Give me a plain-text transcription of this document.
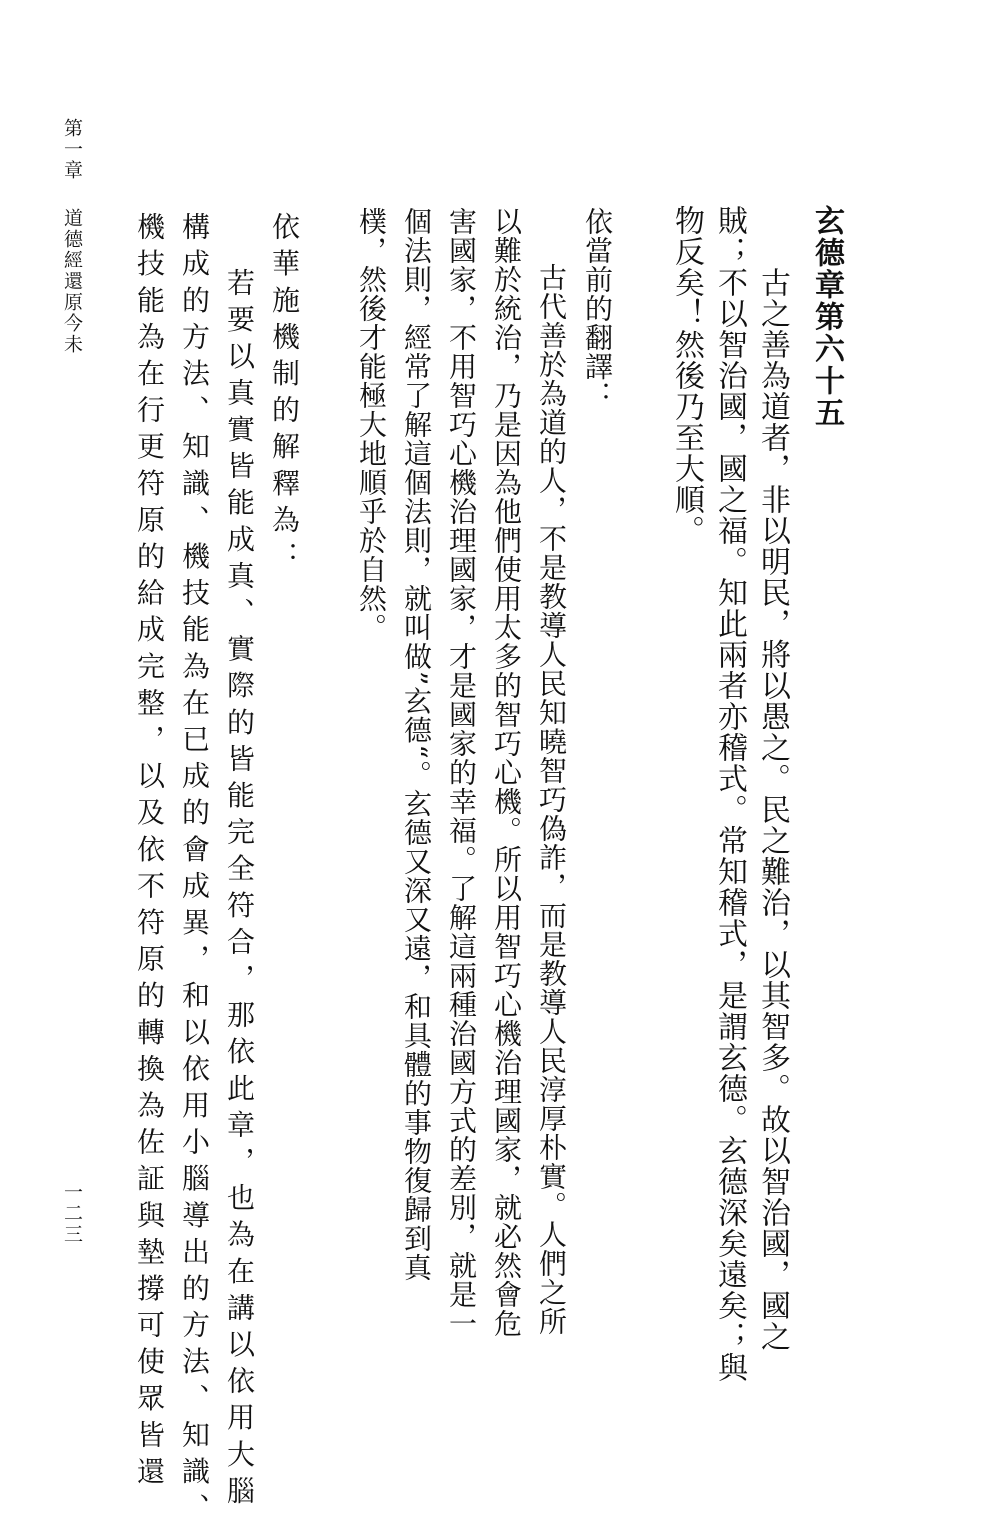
玄德章第六十五
古之善為道者，非以明民，將以愚之。民之難治，以其智多。故以智治國，國之
賊；不以智治國，國之福。知此兩者亦稽式。常知稽式，是謂玄德。玄德深矣遠矣；與
物反矣！然後乃至大順。
依當前的翻譯：
古代善於為道的人，不是教導人民知曉智巧偽詐，而是教導人民淳厚朴實。人們之所
以難於統治，乃是因為他們使用太多的智巧心機。所以用智巧心機治理國家，就必然會危
害國家，不用智巧心機治理國家，才是國家的幸福。了解這兩種治國方式的差別，就是一
個法則，經常了解這個法則，就叫做”玄德“。玄德又深又遠，和具體的事物復歸到真
樸，然後才能極大地順乎於自然。
依華施機制的解釋為：
若要以真實皆能成真、實際的皆能完全符合，那依此章，也為在講以依用大腦
構成的方法、知識、機技能為在已成的會成異，和以依用小腦導出的方法、知識、
機技能為在行更符原的給成完整，以及依不符原的轉換為佐証與墊撐可使眾皆還
第一章
道德經還原今未
一二三
